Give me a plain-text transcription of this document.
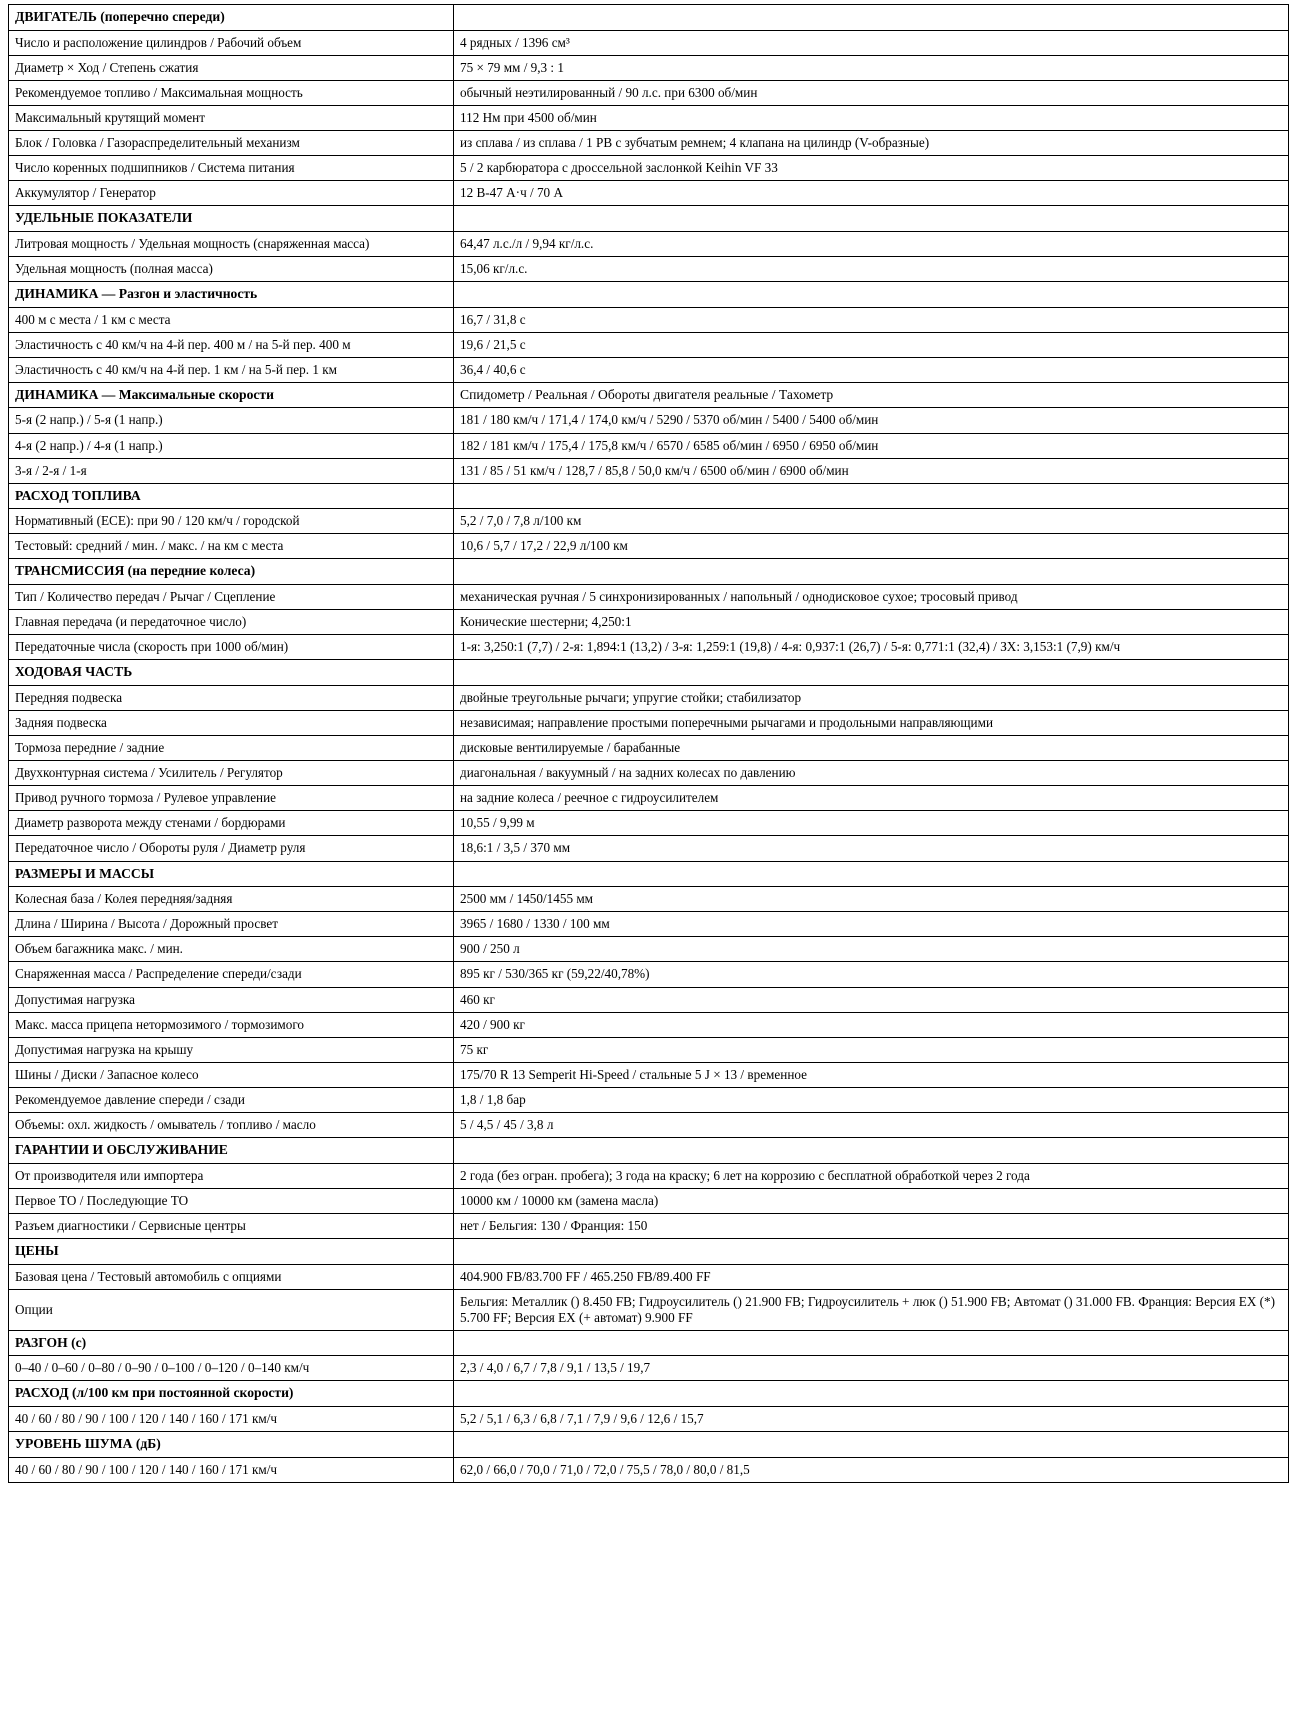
ДВИГАТЕЛЬ (поперечно спереди)	
Число и расположение цилиндров / Рабочий объем	4 рядных / 1396 см³
Диаметр × Ход / Степень сжатия	75 × 79 мм / 9,3 : 1
Рекомендуемое топливо / Максимальная мощность	обычный неэтилированный / 90 л.с. при 6300 об/мин
Максимальный крутящий момент	112 Нм при 4500 об/мин
Блок / Головка / Газораспределительный механизм	из сплава / из сплава / 1 РВ с зубчатым ремнем; 4 клапана на цилиндр (V-образные)
Число коренных подшипников / Система питания	5 / 2 карбюратора с дроссельной заслонкой Keihin VF 33
Аккумулятор / Генератор	12 В-47 А·ч / 70 А
УДЕЛЬНЫЕ ПОКАЗАТЕЛИ	
Литровая мощность / Удельная мощность (снаряженная масса)	64,47 л.с./л / 9,94 кг/л.с.
Удельная мощность (полная масса)	15,06 кг/л.с.
ДИНАМИКА — Разгон и эластичность	
400 м с места / 1 км с места	16,7 / 31,8 с
Эластичность с 40 км/ч на 4-й пер. 400 м / на 5-й пер. 400 м	19,6 / 21,5 с
Эластичность с 40 км/ч на 4-й пер. 1 км / на 5-й пер. 1 км	36,4 / 40,6 с
ДИНАМИКА — Максимальные скорости	Спидометр / Реальная / Обороты двигателя реальные / Тахометр
5-я (2 напр.) / 5-я (1 напр.)	181 / 180 км/ч / 171,4 / 174,0 км/ч / 5290 / 5370 об/мин / 5400 / 5400 об/мин
4-я (2 напр.) / 4-я (1 напр.)	182 / 181 км/ч / 175,4 / 175,8 км/ч / 6570 / 6585 об/мин / 6950 / 6950 об/мин
3-я / 2-я / 1-я	131 / 85 / 51 км/ч / 128,7 / 85,8 / 50,0 км/ч / 6500 об/мин / 6900 об/мин
РАСХОД ТОПЛИВА	
Нормативный (ЕСЕ): при 90 / 120 км/ч / городской	5,2 / 7,0 / 7,8 л/100 км
Тестовый: средний / мин. / макс. / на км с места	10,6 / 5,7 / 17,2 / 22,9 л/100 км
ТРАНСМИССИЯ (на передние колеса)	
Тип / Количество передач / Рычаг / Сцепление	механическая ручная / 5 синхронизированных / напольный / однодисковое сухое; тросовый привод
Главная передача (и передаточное число)	Конические шестерни; 4,250:1
Передаточные числа (скорость при 1000 об/мин)	1-я: 3,250:1 (7,7) / 2-я: 1,894:1 (13,2) / 3-я: 1,259:1 (19,8) / 4-я: 0,937:1 (26,7) / 5-я: 0,771:1 (32,4) / ЗХ: 3,153:1 (7,9) км/ч
ХОДОВАЯ ЧАСТЬ	
Передняя подвеска	двойные треугольные рычаги; упругие стойки; стабилизатор
Задняя подвеска	независимая; направление простыми поперечными рычагами и продольными направляющими
Тормоза передние / задние	дисковые вентилируемые / барабанные
Двухконтурная система / Усилитель / Регулятор	диагональная / вакуумный / на задних колесах по давлению
Привод ручного тормоза / Рулевое управление	на задние колеса / реечное с гидроусилителем
Диаметр разворота между стенами / бордюрами	10,55 / 9,99 м
Передаточное число / Обороты руля / Диаметр руля	18,6:1 / 3,5 / 370 мм
РАЗМЕРЫ И МАССЫ	
Колесная база / Колея передняя/задняя	2500 мм / 1450/1455 мм
Длина / Ширина / Высота / Дорожный просвет	3965 / 1680 / 1330 / 100 мм
Объем багажника макс. / мин.	900 / 250 л
Снаряженная масса / Распределение спереди/сзади	895 кг / 530/365 кг (59,22/40,78%)
Допустимая нагрузка	460 кг
Макс. масса прицепа нетормозимого / тормозимого	420 / 900 кг
Допустимая нагрузка на крышу	75 кг
Шины / Диски / Запасное колесо	175/70 R 13 Semperit Hi-Speed / стальные 5 J × 13 / временное
Рекомендуемое давление спереди / сзади	1,8 / 1,8 бар
Объемы: охл. жидкость / омыватель / топливо / масло	5 / 4,5 / 45 / 3,8 л
ГАРАНТИИ И ОБСЛУЖИВАНИЕ	
От производителя или импортера	2 года (без огран. пробега); 3 года на краску; 6 лет на коррозию с бесплатной обработкой через 2 года
Первое ТО / Последующие ТО	10000 км / 10000 км (замена масла)
Разъем диагностики / Сервисные центры	нет / Бельгия: 130 / Франция: 150
ЦЕНЫ	
Базовая цена / Тестовый автомобиль с опциями	404.900 FB/83.700 FF / 465.250 FB/89.400 FF
Опции	Бельгия: Металлик () 8.450 FB; Гидроусилитель () 21.900 FB; Гидроусилитель + люк () 51.900 FB; Автомат () 31.000 FB. Франция: Версия EX (*) 5.700 FF; Версия EX (+ автомат) 9.900 FF
РАЗГОН (с)	
0–40 / 0–60 / 0–80 / 0–90 / 0–100 / 0–120 / 0–140 км/ч	2,3 / 4,0 / 6,7 / 7,8 / 9,1 / 13,5 / 19,7
РАСХОД (л/100 км при постоянной скорости)	
40 / 60 / 80 / 90 / 100 / 120 / 140 / 160 / 171 км/ч	5,2 / 5,1 / 6,3 / 6,8 / 7,1 / 7,9 / 9,6 / 12,6 / 15,7
УРОВЕНЬ ШУМА (дБ)	
40 / 60 / 80 / 90 / 100 / 120 / 140 / 160 / 171 км/ч	62,0 / 66,0 / 70,0 / 71,0 / 72,0 / 75,5 / 78,0 / 80,0 / 81,5
